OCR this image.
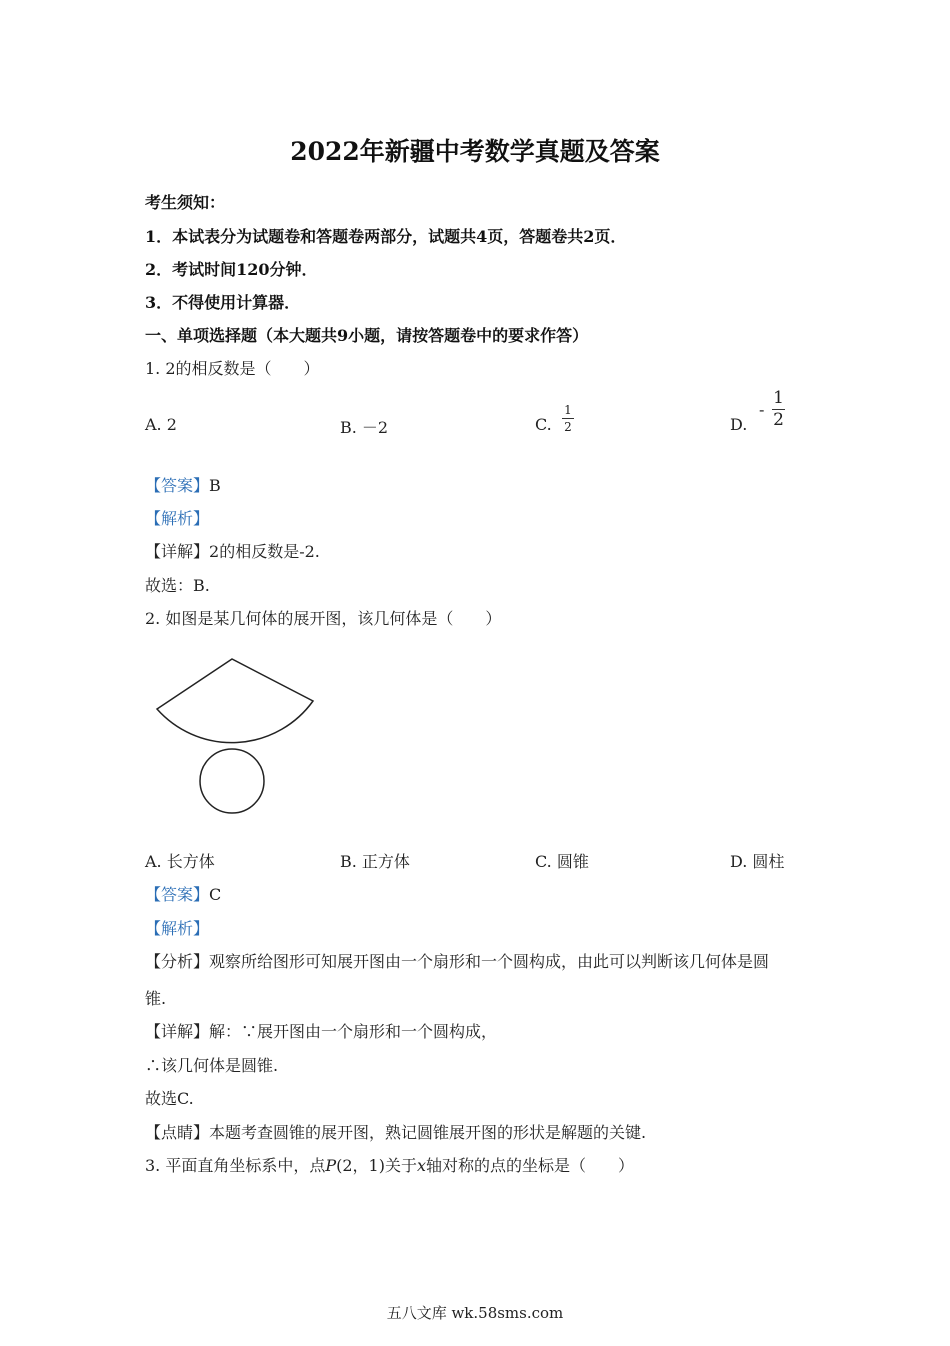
2022年新疆中考数学真题及答案
考生须知：
1．本试表分为试题卷和答题卷两部分，试题共4页，答题卷共2页．
2．考试时间120分钟．
3．不得使用计算器．
一、单项选择题（本大题共9小题，请按答题卷中的要求作答）
1. 2的相反数是（　　）
A. 2	B. －2	C.
1
2	D.
-
1
2
【答案】B
【解析】
【详解】2的相反数是-2.
故选：B.
2. 如图是某几何体的展开图，该几何体是（　　）
A. 长方体	B. 正方体	C. 圆锥	D. 圆柱
【答案】C
【解析】
【分析】观察所给图形可知展开图由一个扇形和一个圆构成，由此可以判断该几何体是圆
锥.
【详解】解：∵展开图由一个扇形和一个圆构成，
∴该几何体是圆锥.
故选C.
【点睛】本题考查圆锥的展开图，熟记圆锥展开图的形状是解题的关键.
3. 平面直角坐标系中，点P(2，1)关于x轴对称的点的坐标是（　　）
五八文库 wk.58sms.com
